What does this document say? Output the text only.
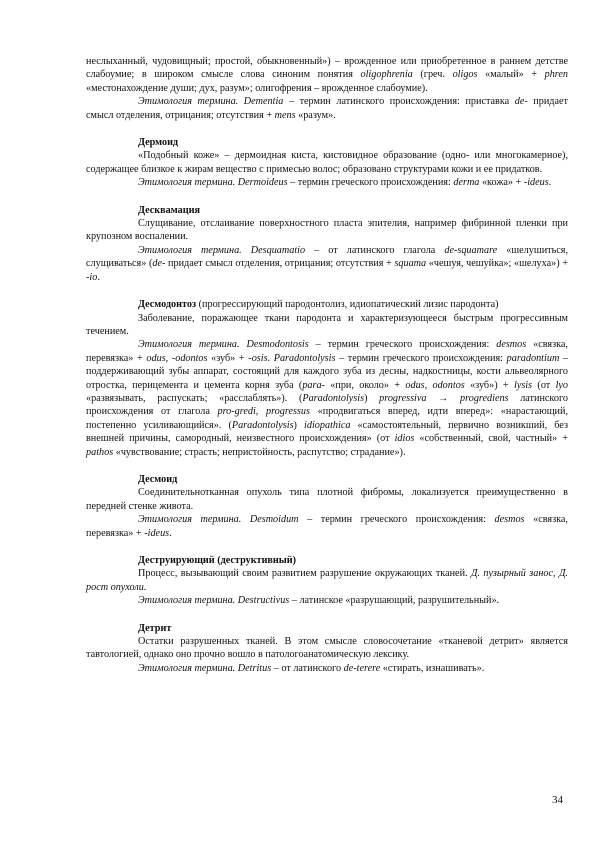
неслыханный, чудовищный; простой, обыкновенный») – врожденное или приобретенное в раннем детстве слабоумие; в широком смысле слова синоним понятия oligophrenia (греч. oligos «малый» + phren «местонахождение души; дух, разум»; олигофрения – врожденное слабоумие).

Этимология термина. Dementia – термин латинского происхождения: приставка de- придает смысл отделения, отрицания; отсутствия + mens «разум».

Дермоид

«Подобный коже» – дермоидная киста, кистовидное образование (одно- или многокамерное), содержащее близкое к жирам вещество с примесью волос; образовано структурами кожи и ее придатков.

Этимология термина. Dermoideus – термин греческого происхождения: derma «кожа» + -ideus.

Десквамация

Слущивание, отслаивание поверхностного пласта эпителия, например фибринной пленки при крупозном воспалении.

Этимология термина. Desquamatio – от латинского глагола de-squamare «шелушиться, слущиваться» (de- придает смысл отделения, отрицания; отсутствия + squama «чешуя, чешуйка»; «шелуха») + -io.

Десмодонтоз (прогрессирующий пародонтолиз, идиопатический лизис пародонта)

Заболевание, поражающее ткани пародонта и характеризующееся быстрым прогрессивным течением.

Этимология термина. Desmodontosis – термин греческого происхождения: desmos «связка, перевязка» + odus, -odontos «зуб» + -osis. Paradontolysis – термин греческого происхождения: paradontium –поддерживающий зубы аппарат, состоящий для каждого зуба из десны, надкостницы, кости альвеолярного отростка, перицемента и цемента корня зуба (para- «при, около» + odus, odontos «зуб») + lysis (от lyo «развязывать, распускать; «расслаблять»). (Paradontolysis) progressiva → progrediens латинского происхождения от глагола pro-gredi, progressus «продвигаться вперед, идти вперед»: «нарастающий, постепенно усиливающийся». (Paradontolysis) idiopathica «самостоятельный, первично возникший, без внешней причины, самородный, неизвестного происхождения» (от idios «собственный, свой, частный» + pathos «чувствование; страсть; непристойность, распутство; страдание»).

Десмоид

Соединительнотканная опухоль типа плотной фибромы, локализуется преимущественно в передней стенке живота.

Этимология термина. Desmoidum – термин греческого происхождения: desmos «связка, перевязка» + -ideus.

Деструирующий (деструктивный)

Процесс, вызывающий своим развитием разрушение окружающих тканей. Д. пузырный занос, Д. рост опухоли.

Этимология термина. Destructivus – латинское «разрушающий, разрушительный».

Детрит

Остатки разрушенных тканей. В этом смысле словосочетание «тканевой детрит» является тавтологией, однако оно прочно вошло в патологоанатомическую лексику.

Этимология термина. Detritus – от латинского de-terere «стирать, изнашивать».

34
